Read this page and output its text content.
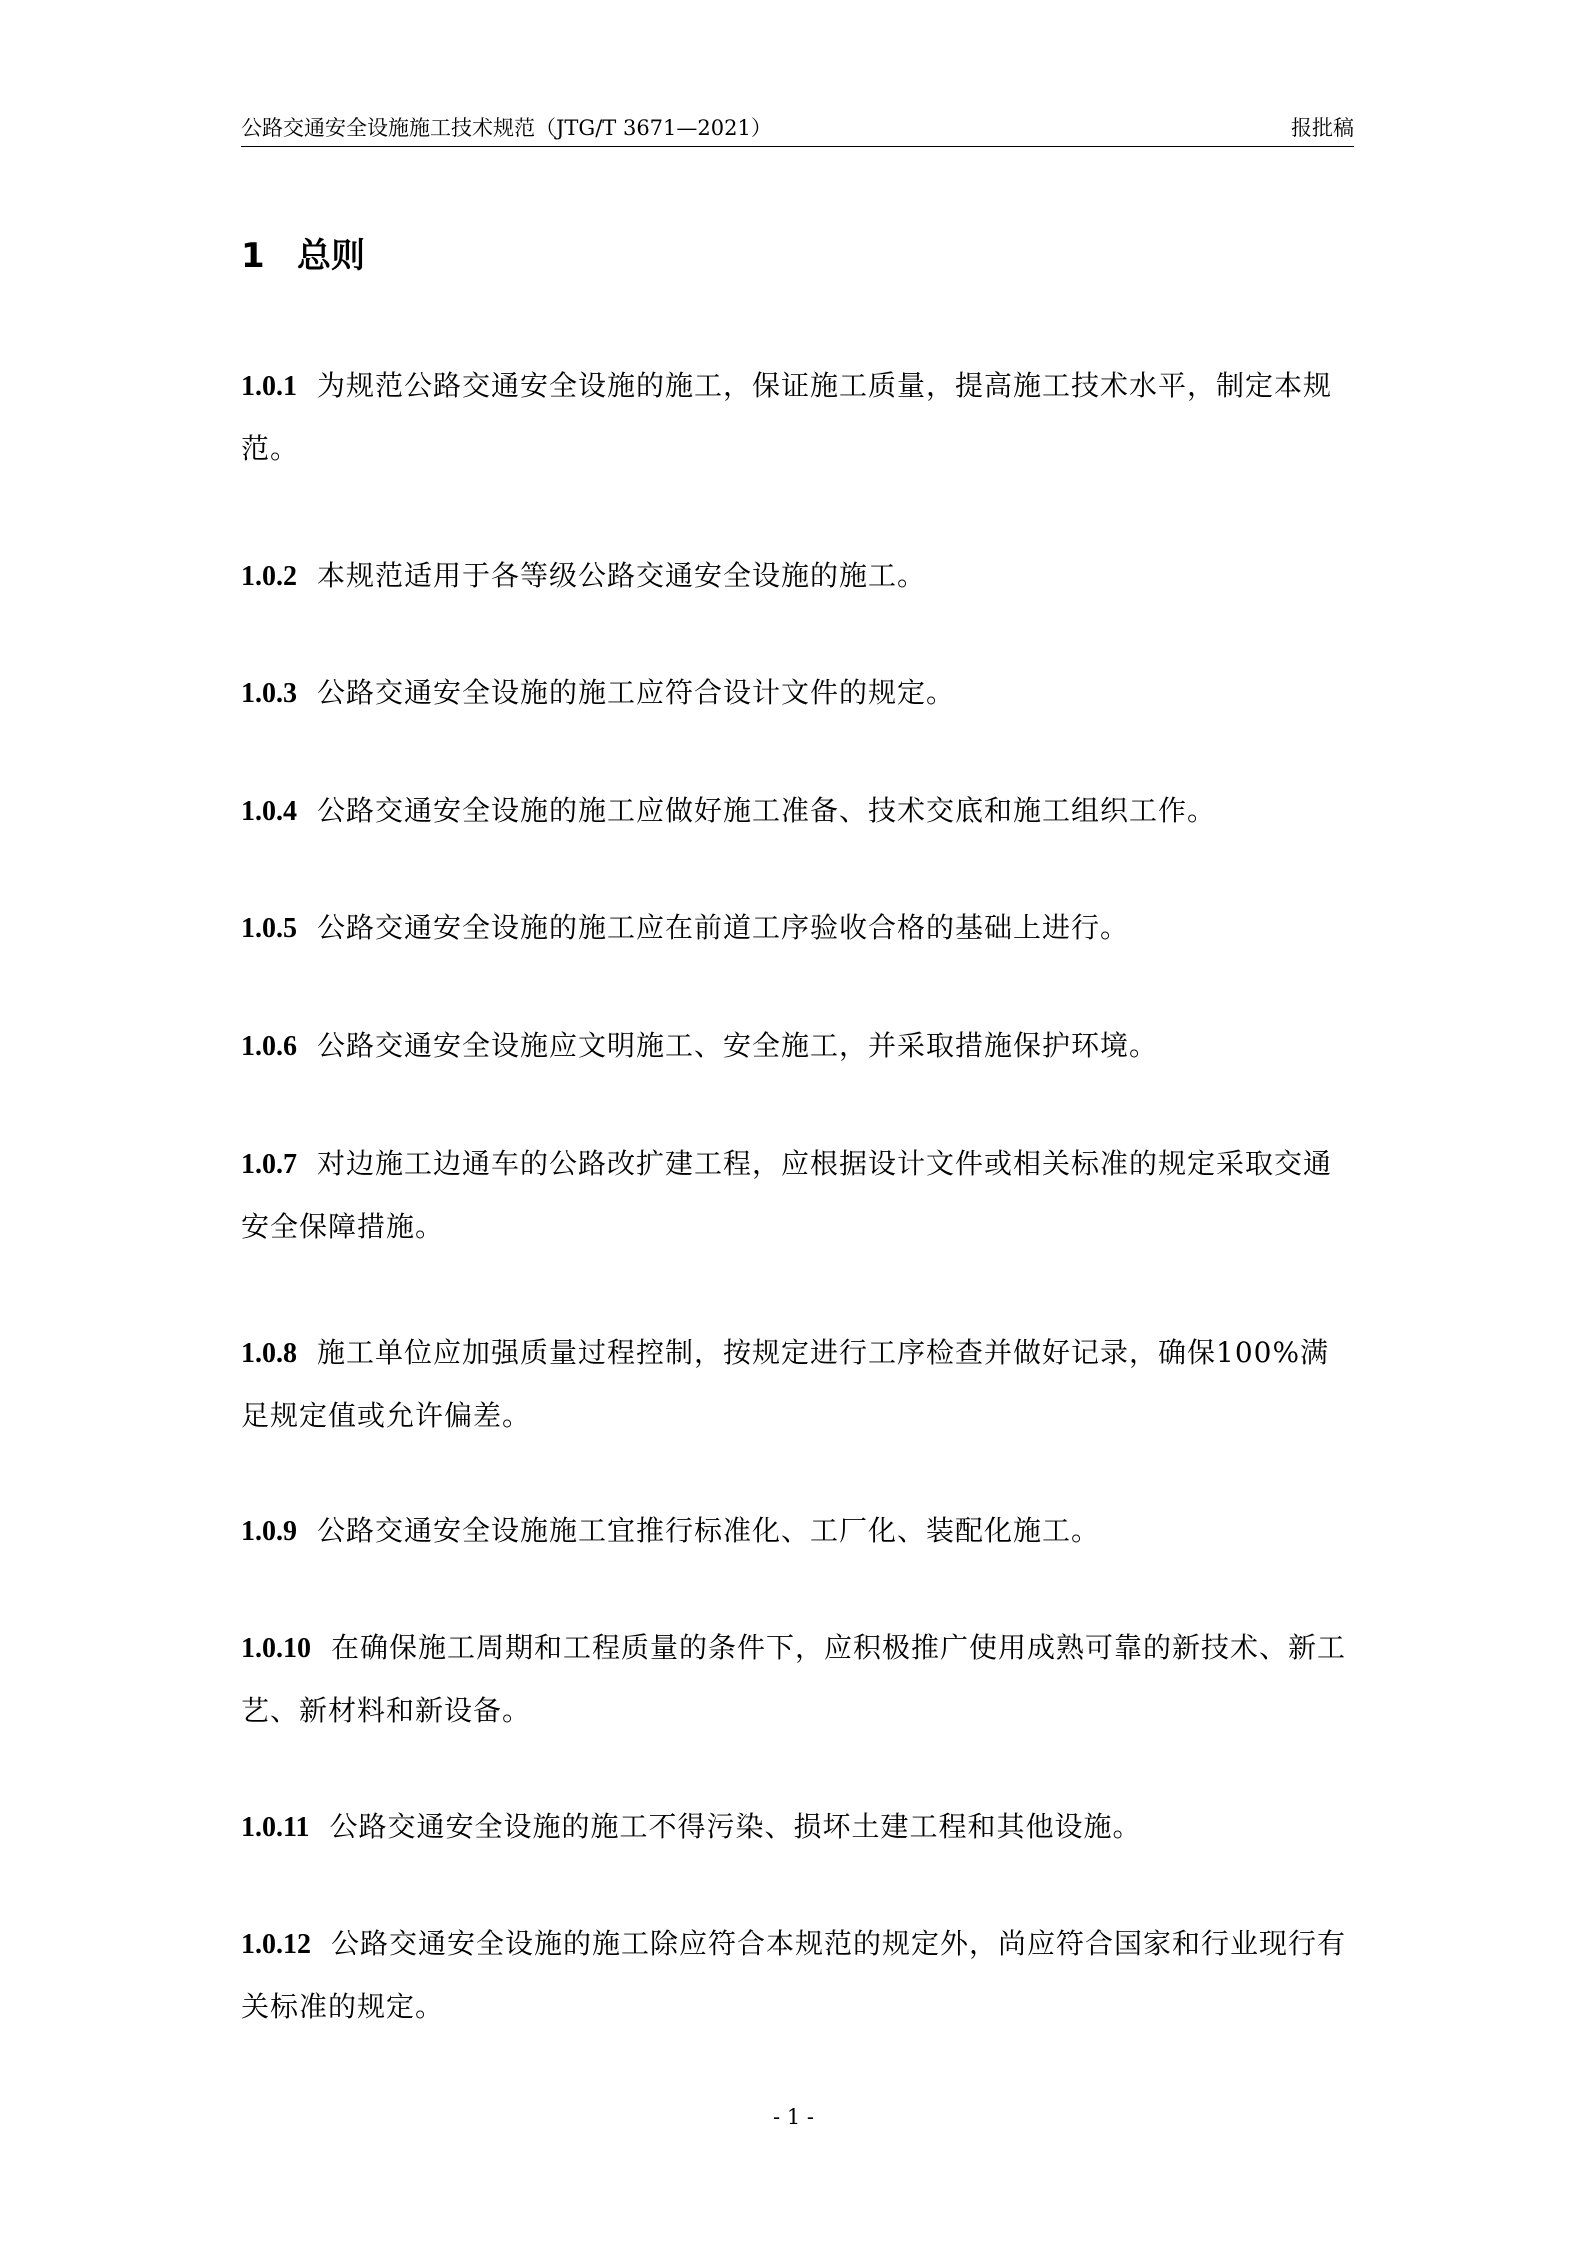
公路交通安全设施施工技术规范（JTG/T 3671—2021）	报批稿
1 总则
1.0.1 为规范公路交通安全设施的施工，保证施工质量，提高施工技术水平，制定本规范。
1.0.2 本规范适用于各等级公路交通安全设施的施工。
1.0.3 公路交通安全设施的施工应符合设计文件的规定。
1.0.4 公路交通安全设施的施工应做好施工准备、技术交底和施工组织工作。
1.0.5 公路交通安全设施的施工应在前道工序验收合格的基础上进行。
1.0.6 公路交通安全设施应文明施工、安全施工，并采取措施保护环境。
1.0.7 对边施工边通车的公路改扩建工程，应根据设计文件或相关标准的规定采取交通安全保障措施。
1.0.8 施工单位应加强质量过程控制，按规定进行工序检查并做好记录，确保100%满足规定值或允许偏差。
1.0.9 公路交通安全设施施工宜推行标准化、工厂化、装配化施工。
1.0.10 在确保施工周期和工程质量的条件下，应积极推广使用成熟可靠的新技术、新工艺、新材料和新设备。
1.0.11 公路交通安全设施的施工不得污染、损坏土建工程和其他设施。
1.0.12 公路交通安全设施的施工除应符合本规范的规定外，尚应符合国家和行业现行有关标准的规定。
- 1 -
